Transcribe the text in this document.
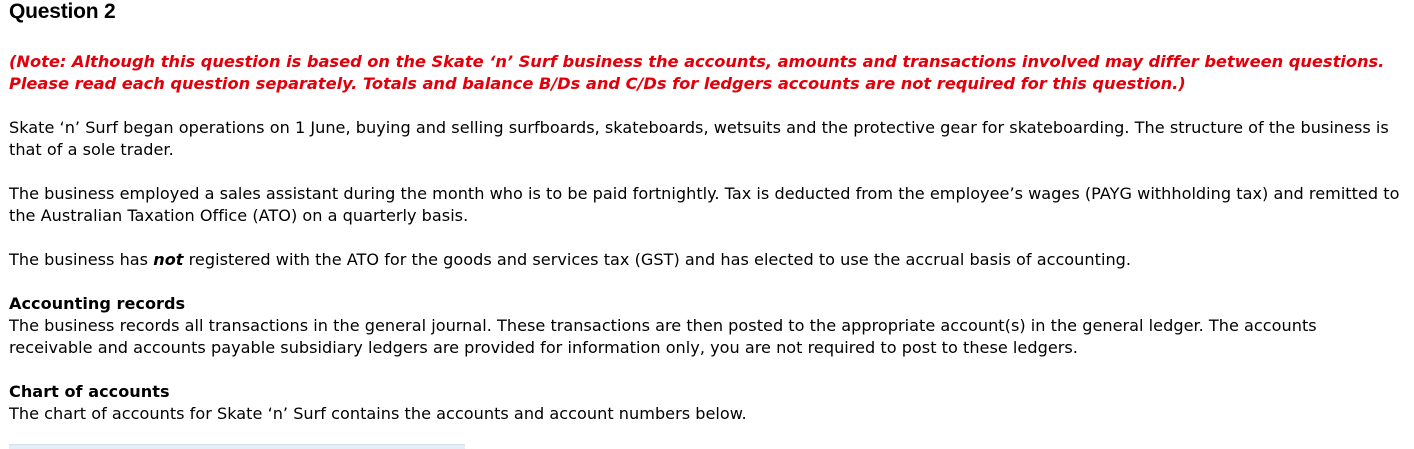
Question 2

(Note: Although this question is based on the Skate ‘n’ Surf business the accounts, amounts and transactions involved may differ between questions. Please read each question separately. Totals and balance B/Ds and C/Ds for ledgers accounts are not required for this question.)

Skate ‘n’ Surf began operations on 1 June, buying and selling surfboards, skateboards, wetsuits and the protective gear for skateboarding. The structure of the business is that of a sole trader.

The business employed a sales assistant during the month who is to be paid fortnightly. Tax is deducted from the employee’s wages (PAYG withholding tax) and remitted to the Australian Taxation Office (ATO) on a quarterly basis.

The business has not registered with the ATO for the goods and services tax (GST) and has elected to use the accrual basis of accounting.

Accounting records
The business records all transactions in the general journal. These transactions are then posted to the appropriate account(s) in the general ledger. The accounts receivable and accounts payable subsidiary ledgers are provided for information only, you are not required to post to these ledgers.
Chart of accounts
The chart of accounts for Skate ‘n’ Surf contains the accounts and account numbers below.
